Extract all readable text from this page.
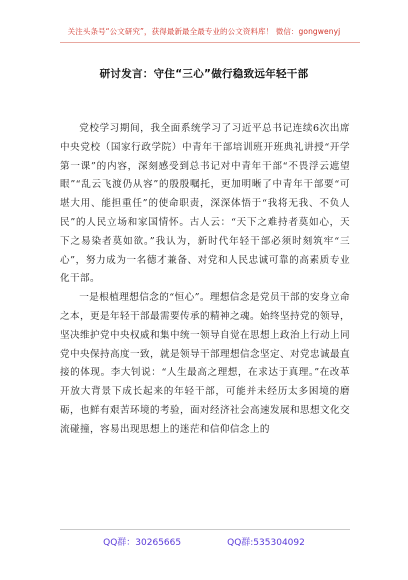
关注头条号“公文研究”，获得最新最全最专业的公文资料库！ 微信：gongwenyj
研讨发言：守住“三心”做行稳致远年轻干部

党校学习期间，我全面系统学习了习近平总书记连续6次出席中央党校（国家行政学院）中青年干部培训班开班典礼讲授“开学第一课”的内容，深刻感受到总书记对中青年干部“不畏浮云遮望眼”“乱云飞渡仍从容”的殷殷嘱托，更加明晰了中青年干部要“可堪大用、能担重任”的使命职责，深深体悟于“我将无我、不负人民”的人民立场和家国情怀。古人云：“天下之难持者莫如心，天下之易染者莫如欲。”我认为，新时代年轻干部必须时刻筑牢“三心”，努力成为一名德才兼备、对党和人民忠诚可靠的高素质专业化干部。

一是根植理想信念的“恒心”。理想信念是党员干部的安身立命之本，更是年轻干部最需要传承的精神之魂。始终坚持党的领导，坚决维护党中央权威和集中统一领导自觉在思想上政治上行动上同党中央保持高度一致，就是领导干部理想信念坚定、对党忠诚最直接的体现。李大钊说：“人生最高之理想，在求达于真理。”在改革开放大背景下成长起来的年轻干部，可能并未经历太多困境的磨砺，也鲜有艰苦环境的考验，面对经济社会高速发展和思想文化交流碰撞，容易出现思想上的迷茫和信仰信念上的

QQ群：30265665	QQ群:535304092
